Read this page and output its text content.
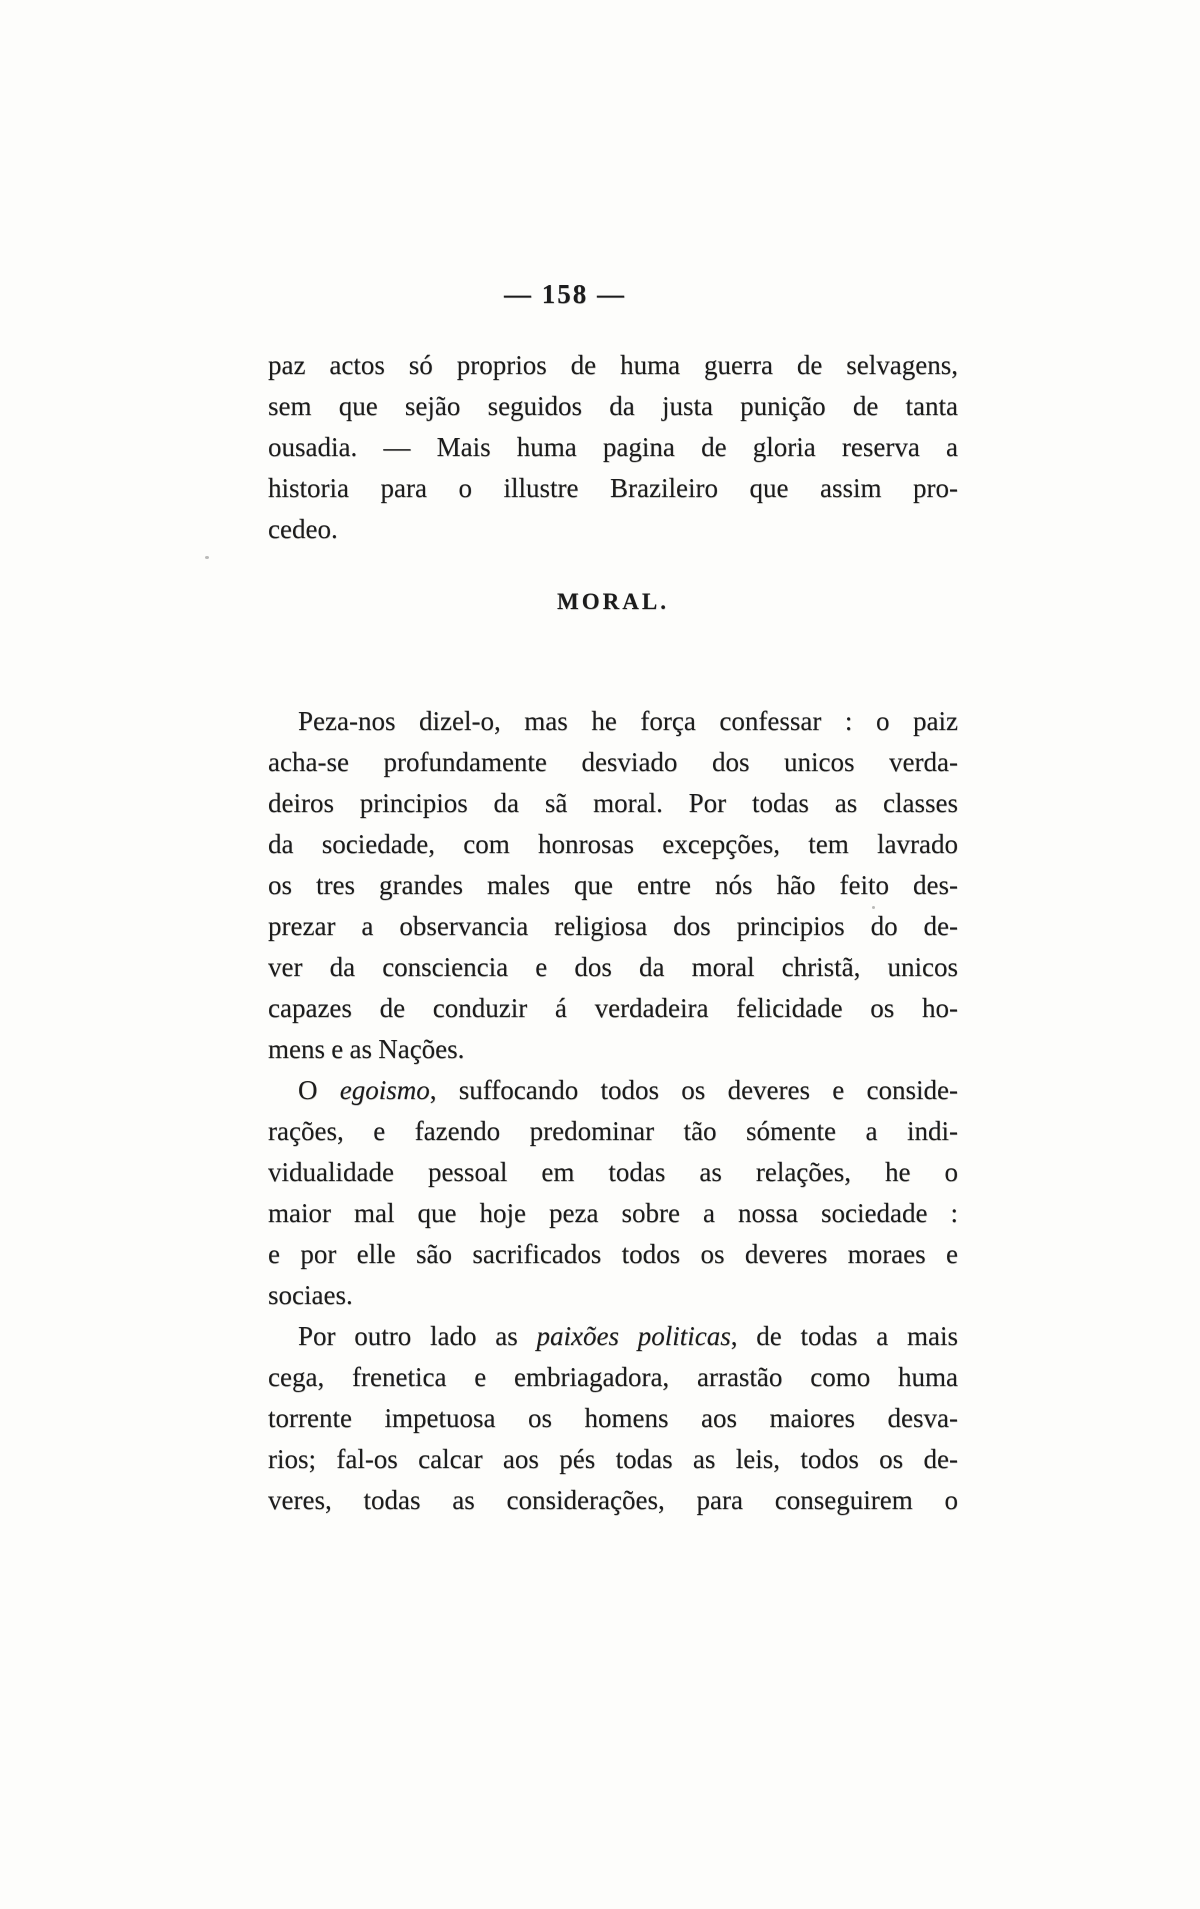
— 158 —
paz actos só proprios de huma guerra de selvagens,
sem que sejão seguidos da justa punição de tanta
ousadia. — Mais huma pagina de gloria reserva a
historia para o illustre Brazileiro que assim pro-
cedeo.
MORAL.
Peza-nos dizel-o, mas he força confessar : o paiz
acha-se profundamente desviado dos unicos verda-
deiros principios da sã moral. Por todas as classes
da sociedade, com honrosas excepções, tem lavrado
os tres grandes males que entre nós hão feito des-
prezar a observancia religiosa dos principios do de-
ver da consciencia e dos da moral christã, unicos
capazes de conduzir á verdadeira felicidade os ho-
mens e as Nações.
O egoismo, suffocando todos os deveres e conside-
rações, e fazendo predominar tão sómente a indi-
vidualidade pessoal em todas as relações, he o
maior mal que hoje peza sobre a nossa sociedade :
e por elle são sacrificados todos os deveres moraes e
sociaes.
Por outro lado as paixões politicas, de todas a mais
cega, frenetica e embriagadora, arrastão como huma
torrente impetuosa os homens aos maiores desva-
rios; fal-os calcar aos pés todas as leis, todos os de-
veres, todas as considerações, para conseguirem o
